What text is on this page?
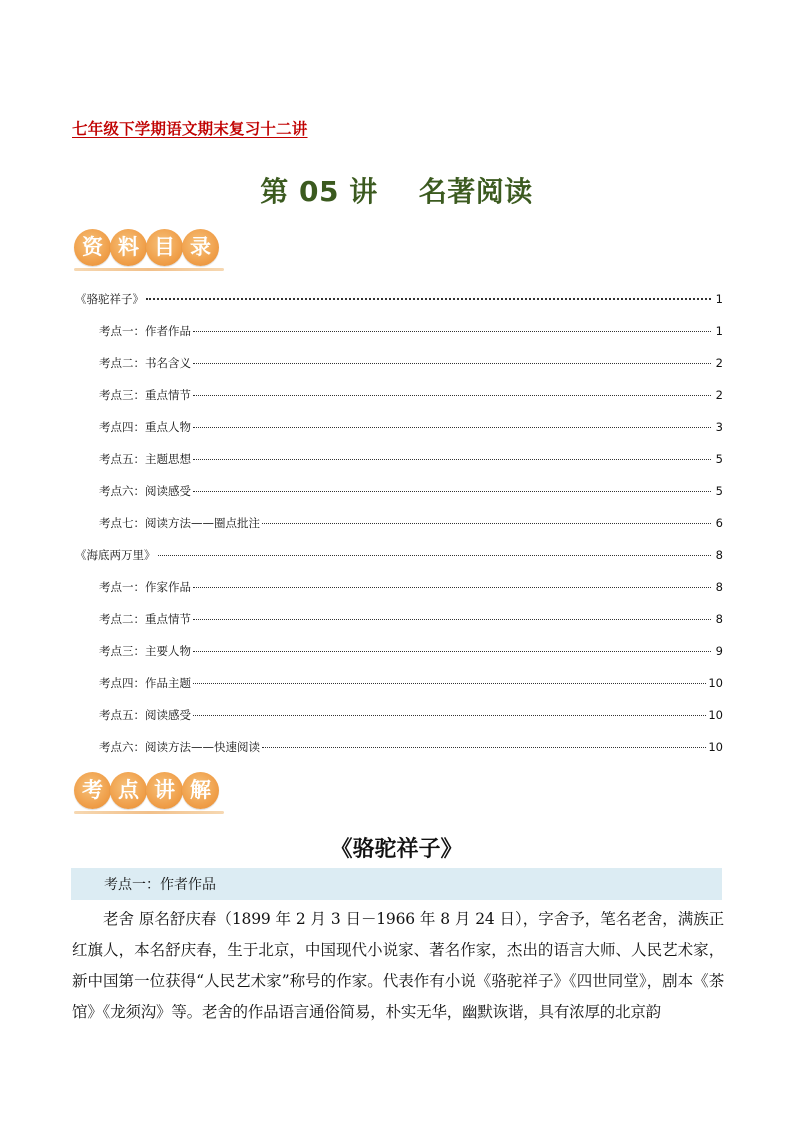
七年级下学期语文期末复习十二讲
第 05 讲    名著阅读
资 料 目 录
《骆驼祥子》	1
考点一：作者作品	1
考点二：书名含义	2
考点三：重点情节	2
考点四：重点人物	3
考点五：主题思想	5
考点六：阅读感受	5
考点七：阅读方法——圈点批注	6
《海底两万里》	8
考点一：作家作品	8
考点二：重点情节	8
考点三：主要人物	9
考点四：作品主题	10
考点五：阅读感受	10
考点六：阅读方法——快速阅读	10
考 点 讲 解
《骆驼祥子》
考点一：作者作品

老舍 原名舒庆春（1899 年 2 月 3 日－1966 年 8 月 24 日），字舍予，笔名老舍，满族正红旗人，本名舒庆春，生于北京，中国现代小说家、著名作家，杰出的语言大师、人民艺术家，新中国第一位获得“人民艺术家”称号的作家。代表作有小说《骆驼祥子》《四世同堂》，剧本《茶馆》《龙须沟》等。老舍的作品语言通俗简易，朴实无华，幽默诙谐，具有浓厚的北京韵
